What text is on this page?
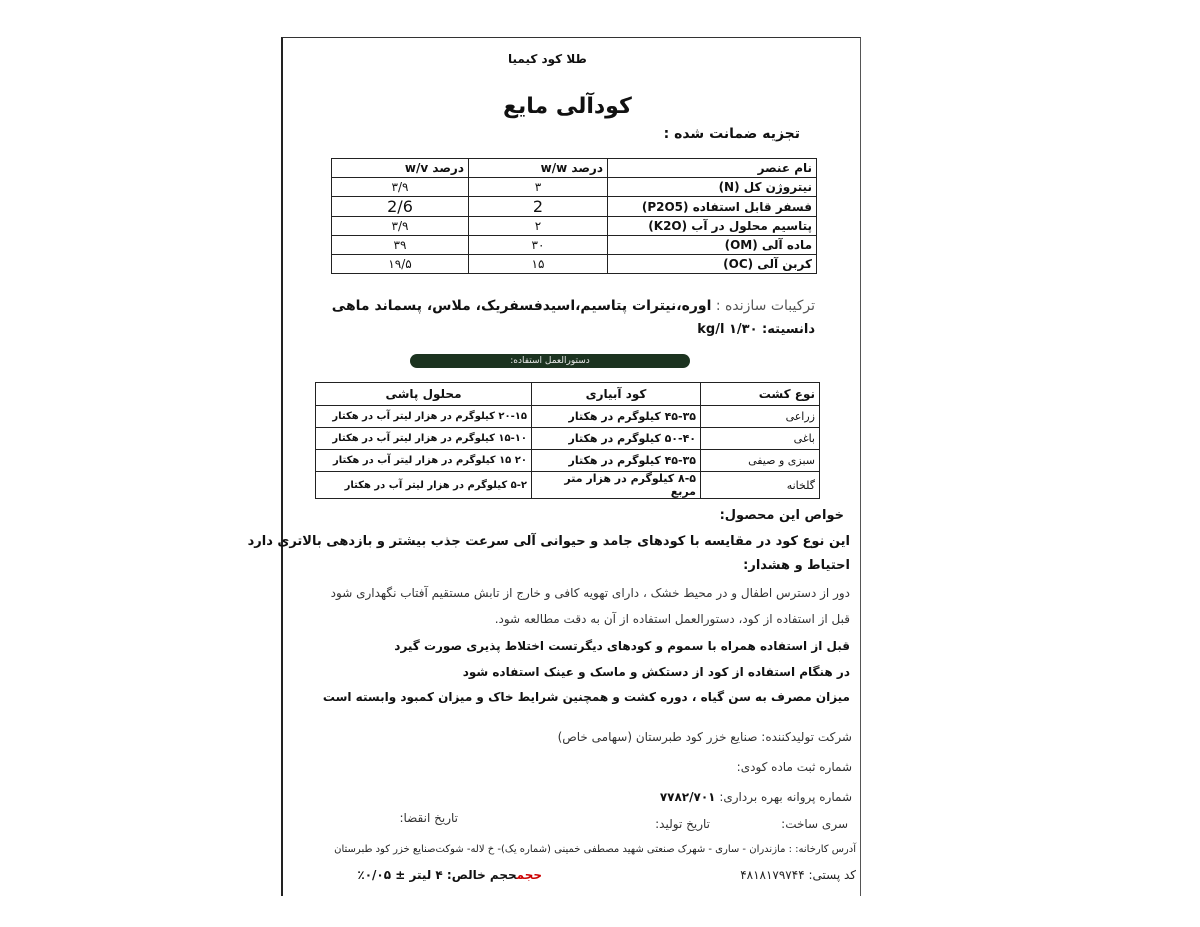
طلا کود کیمیا
کودآلی مایع
تجزیه ضمانت شده :
نام عنصر	درصد w/w	درصد w/v
نیتروژن کل (N)	۳	۳/۹
فسفر قابل استفاده (P2O5)	2	2/6
پتاسیم محلول در آب (K2O)	۲	۳/۹
ماده آلی (OM)	۳۰	۳۹
کربن آلی (OC)	۱۵	۱۹/۵
ترکیبات سازنده : اوره،نیترات پتاسیم،اسیدفسفریک، ملاس، پسماند ماهی
دانسیته: ۱/۳۰ kg/l
دستورالعمل استفاده:
نوع کشت	کود آبیاری	محلول پاشی
زراعی	۴۵-۳۵ کیلوگرم در هکتار	۲۰-۱۵ کیلوگرم در هزار لیتر آب در هکتار
باغی	۵۰-۴۰ کیلوگرم در هکتار	۱۵-۱۰ کیلوگرم در هزار لیتر آب در هکتار
سبزی و صیفی	۴۵-۳۵ کیلوگرم در هکتار	۲۰ ۱۵ کیلوگرم در هزار لیتر آب در هکتار
گلخانه	۸-۵ کیلوگرم در هزار متر مربع	۵-۲ کیلوگرم در هزار لیتر آب در هکتار
خواص این محصول:
این نوع کود در مقایسه با کودهای جامد و حیوانی آلی سرعت جذب بیشتر و بازدهی بالاتری دارد
احتیاط و هشدار:
دور از دسترس اطفال و در محیط خشک ، دارای تهویه کافی و خارج از تابش مستقیم آفتاب نگهداری شود
قبل از استفاده از کود، دستورالعمل استفاده از آن به دقت مطالعه شود.
قبل از استفاده همراه با سموم و کودهای دیگرتست اختلاط پذیری صورت گیرد
در هنگام استفاده از کود از دستکش و ماسک و عینک استفاده شود
میزان مصرف به سن گیاه ، دوره کشت و همچنین شرایط خاک و میزان کمبود وابسته است
شرکت تولیدکننده: صنایع خزر کود طبرستان (سهامی خاص)
شماره ثبت ماده کودی:
شماره پروانه بهره برداری: ۷۷۸۲/۷۰۱
سری ساخت:
تاریخ تولید:
تاریخ انقضا:
آدرس کارخانه: : مازندران - ساری - شهرک صنعتی شهید مصطفی خمینی (شماره یک)- خ لاله- شوکت‌صنایع خزر کود طبرستان
کد پستی: ۴۸۱۸۱۷۹۷۴۴
حجمحجم خالص: ۴ لیتر ± ۰/۰۵٪
